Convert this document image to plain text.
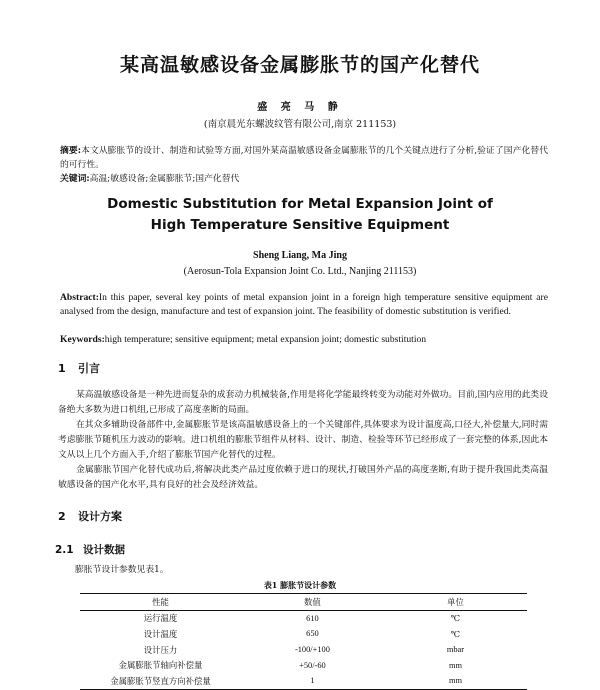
某高温敏感设备金属膨胀节的国产化替代
盛 亮 马 静
(南京晨光东螺波纹管有限公司,南京 211153)
摘要:本文从膨胀节的设计、制造和试验等方面,对国外某高温敏感设备金属膨胀节的几个关键点进行了分析,验证了国产化替代的可行性。
关键词:高温;敏感设备;金属膨胀节;国产化替代
Domestic Substitution for Metal Expansion Joint of
High Temperature Sensitive Equipment
Sheng Liang, Ma Jing
(Aerosun-Tola Expansion Joint Co. Ltd., Nanjing 211153)
Abstract:In this paper, several key points of metal expansion joint in a foreign high temperature sensitive equipment are analysed from the design, manufacture and test of expansion joint. The feasibility of domestic substitution is verified.
Keywords:high temperature; sensitive equipment; metal expansion joint; domestic substitution
1 引言

某高温敏感设备是一种先进而复杂的成套动力机械装备,作用是将化学能最终转变为动能对外做功。目前,国内应用的此类设备绝大多数为进口机组,已形成了高度垄断的局面。

在其众多辅助设备部件中,金属膨胀节是该高温敏感设备上的一个关键部件,具体要求为设计温度高,口径大,补偿量大,同时需考虑膨胀节随机压力波动的影响。进口机组的膨胀节组件从材料、设计、制造、检验等环节已经形成了一套完整的体系,因此本文从以上几个方面入手,介绍了膨胀节国产化替代的过程。

金属膨胀节国产化替代成功后,将解决此类产品过度依赖于进口的现状,打破国外产品的高度垄断,有助于提升我国此类高温敏感设备的国产化水平,具有良好的社会及经济效益。

2 设计方案
2.1 设计数据
膨胀节设计参数见表1。
表1 膨胀节设计参数
性能	数值	单位
运行温度	610	℃
设计温度	650	℃
设计压力	-100/+100	mbar
金属膨胀节轴向补偿量	+50/-60	mm
金属膨胀节竖直方向补偿量	1	mm
